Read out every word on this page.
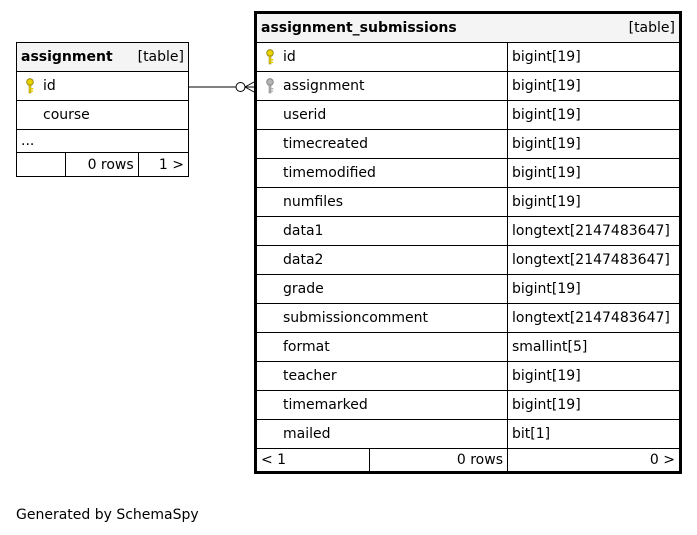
assignment [table]

id
course
...
	0 rows	1 >
assignment_submissions [table]		

id		bigint[19]

assignment		bigint[19]
userid		bigint[19]
timecreated		bigint[19]
timemodified		bigint[19]
numfiles		bigint[19]
data1		longtext[2147483647]
data2		longtext[2147483647]
grade		bigint[19]
submissioncomment		longtext[2147483647]
format		smallint[5]
teacher		bigint[19]
timemarked		bigint[19]
mailed		bit[1]
< 1	0 rows	0 >
Generated by SchemaSpy
